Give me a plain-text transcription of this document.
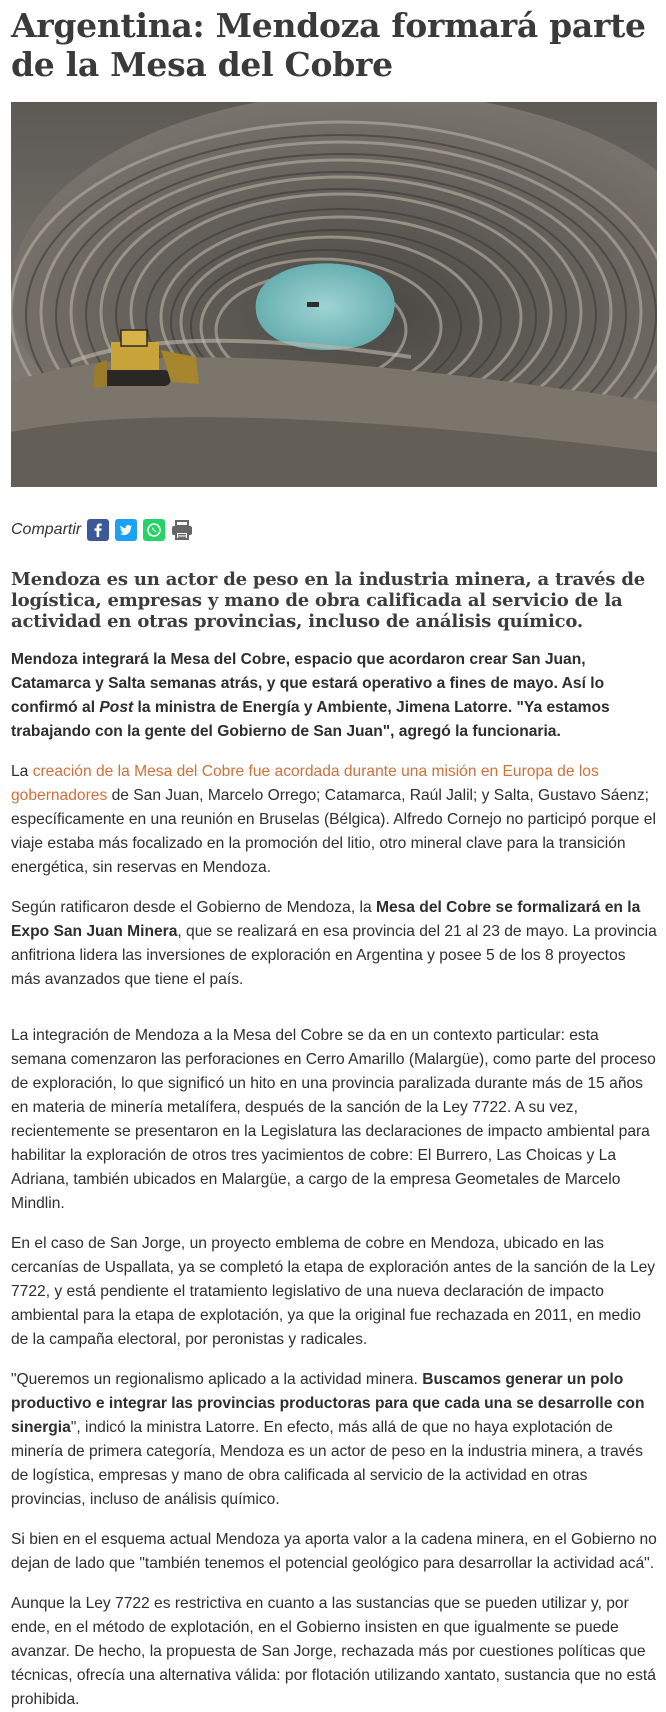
Argentina: Mendoza formará parte de la Mesa del Cobre
Compartir
Mendoza es un actor de peso en la industria minera, a través de logística, empresas y mano de obra calificada al servicio de la actividad en otras provincias, incluso de análisis químico.

Mendoza integrará la Mesa del Cobre, espacio que acordaron crear San Juan, Catamarca y Salta semanas atrás, y que estará operativo a fines de mayo. Así lo confirmó al Post la ministra de Energía y Ambiente, Jimena Latorre. "Ya estamos trabajando con la gente del Gobierno de San Juan", agregó la funcionaria.

La creación de la Mesa del Cobre fue acordada durante una misión en Europa de los gobernadores de San Juan, Marcelo Orrego; Catamarca, Raúl Jalil; y Salta, Gustavo Sáenz; específicamente en una reunión en Bruselas (Bélgica). Alfredo Cornejo no participó porque el viaje estaba más focalizado en la promoción del litio, otro mineral clave para la transición energética, sin reservas en Mendoza.

Según ratificaron desde el Gobierno de Mendoza, la Mesa del Cobre se formalizará en la Expo San Juan Minera, que se realizará en esa provincia del 21 al 23 de mayo. La provincia anfitriona lidera las inversiones de exploración en Argentina y posee 5 de los 8 proyectos más avanzados que tiene el país.

La integración de Mendoza a la Mesa del Cobre se da en un contexto particular: esta semana comenzaron las perforaciones en Cerro Amarillo (Malargüe), como parte del proceso de exploración, lo que significó un hito en una provincia paralizada durante más de 15 años en materia de minería metalífera, después de la sanción de la Ley 7722. A su vez, recientemente se presentaron en la Legislatura las declaraciones de impacto ambiental para habilitar la exploración de otros tres yacimientos de cobre: El Burrero, Las Choicas y La Adriana, también ubicados en Malargüe, a cargo de la empresa Geometales de Marcelo Mindlin.

En el caso de San Jorge, un proyecto emblema de cobre en Mendoza, ubicado en las cercanías de Uspallata, ya se completó la etapa de exploración antes de la sanción de la Ley 7722, y está pendiente el tratamiento legislativo de una nueva declaración de impacto ambiental para la etapa de explotación, ya que la original fue rechazada en 2011, en medio de la campaña electoral, por peronistas y radicales.

"Queremos un regionalismo aplicado a la actividad minera. Buscamos generar un polo productivo e integrar las provincias productoras para que cada una se desarrolle con sinergia", indicó la ministra Latorre. En efecto, más allá de que no haya explotación de minería de primera categoría, Mendoza es un actor de peso en la industria minera, a través de logística, empresas y mano de obra calificada al servicio de la actividad en otras provincias, incluso de análisis químico.

Si bien en el esquema actual Mendoza ya aporta valor a la cadena minera, en el Gobierno no dejan de lado que "también tenemos el potencial geológico para desarrollar la actividad acá".

Aunque la Ley 7722 es restrictiva en cuanto a las sustancias que se pueden utilizar y, por ende, en el método de explotación, en el Gobierno insisten en que igualmente se puede avanzar. De hecho, la propuesta de San Jorge, rechazada más por cuestiones políticas que técnicas, ofrecía una alternativa válida: por flotación utilizando xantato, sustancia que no está prohibida.
